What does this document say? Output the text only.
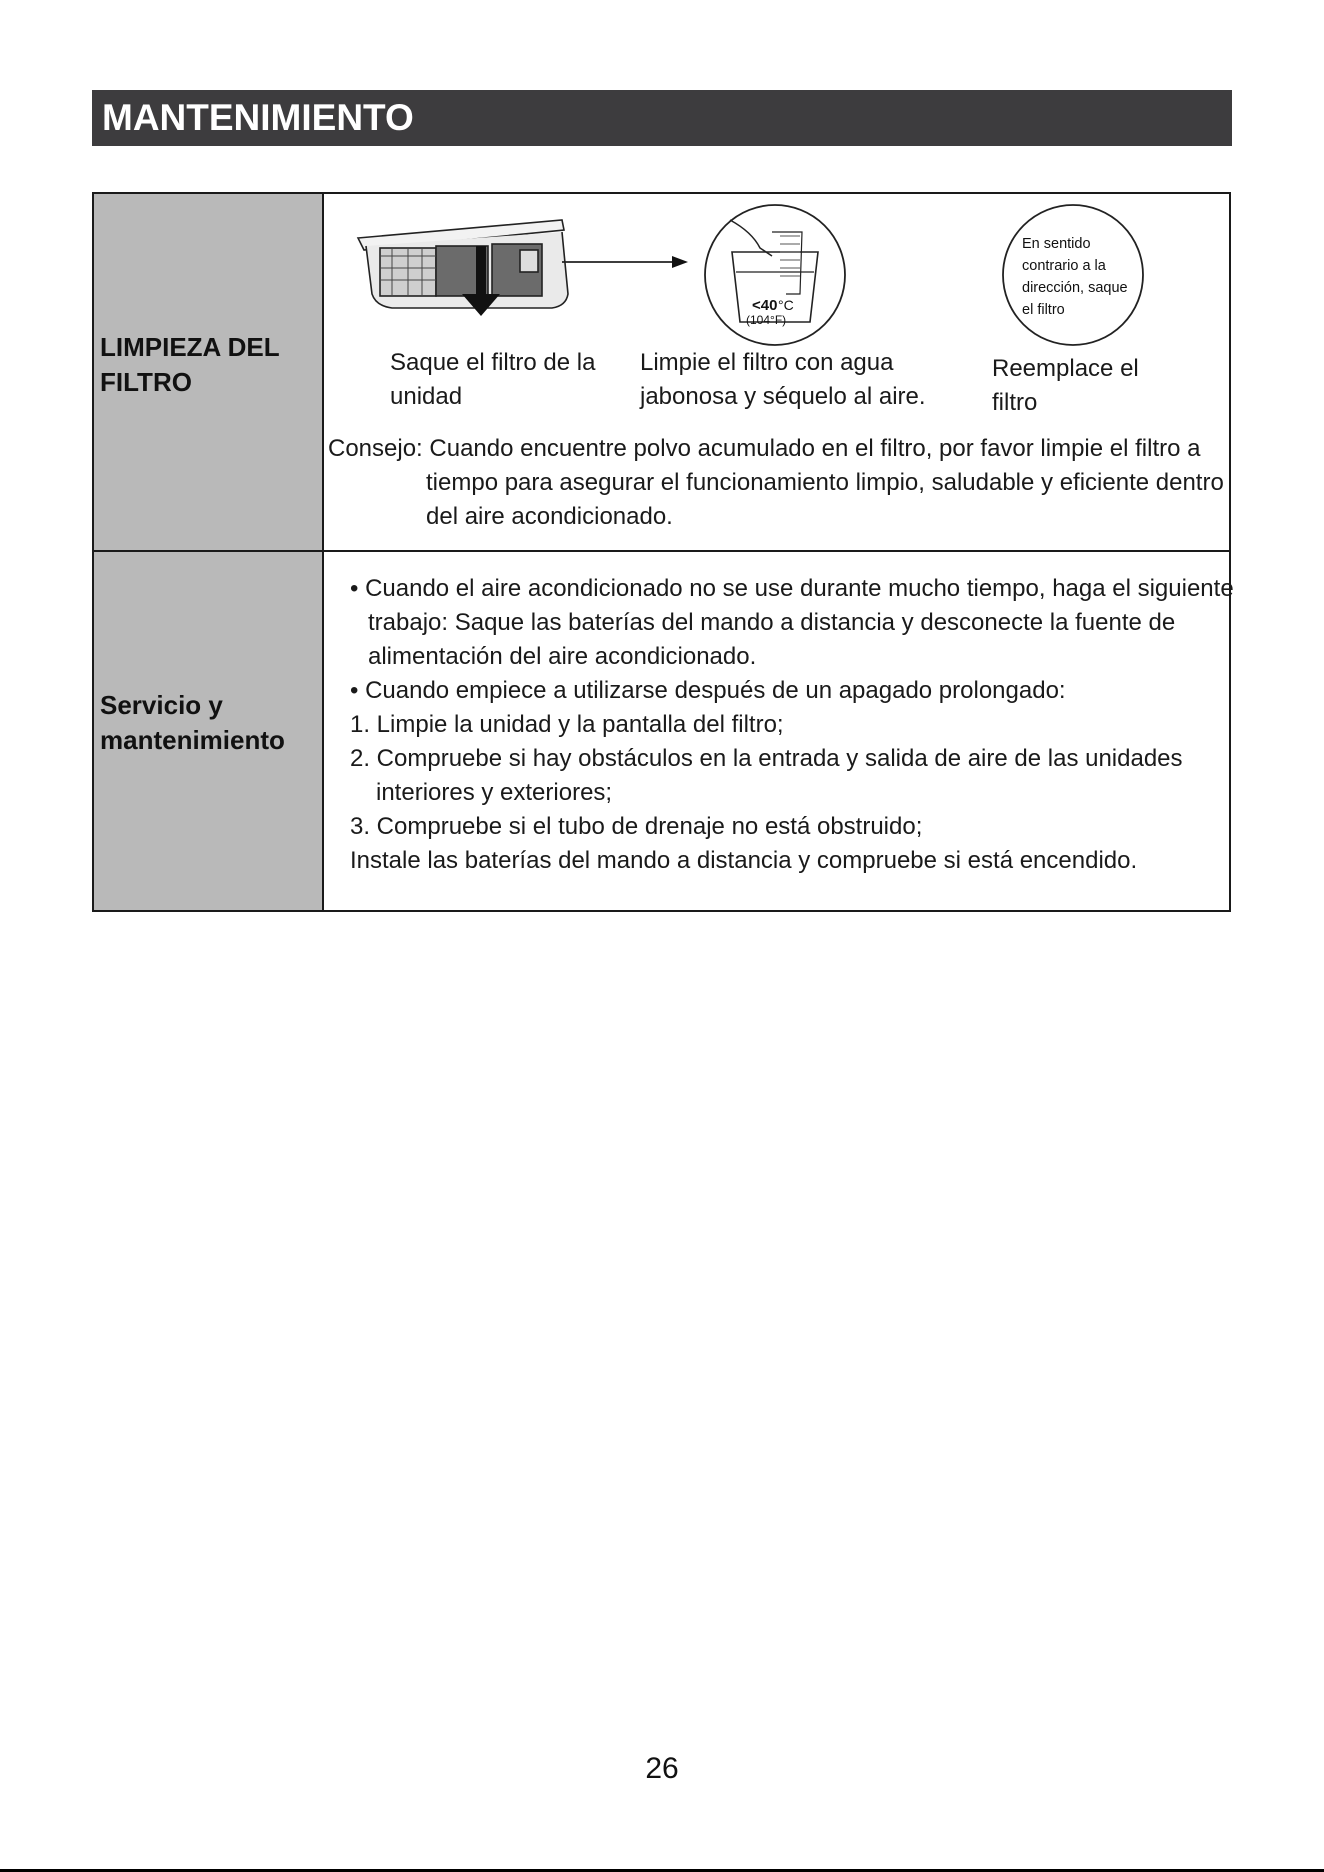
MANTENIMIENTO
LIMPIEZA DEL
FILTRO
<40 °C
(104°F)
En sentido
contrario a la
dirección, saque
el filtro
Saque el filtro de la
unidad
Limpie el filtro con agua
jabonosa y séquelo al aire.
Reemplace el
filtro
Consejo: Cuando encuentre polvo acumulado en el filtro, por favor limpie el filtro a
tiempo para asegurar el funcionamiento limpio, saludable y eficiente dentro
del aire acondicionado.
Servicio y
mantenimiento
• Cuando el aire acondicionado no se use durante mucho tiempo, haga el siguiente
trabajo: Saque las baterías del mando a distancia y desconecte la fuente de
alimentación del aire acondicionado.
• Cuando empiece a utilizarse después de un apagado prolongado:
1. Limpie la unidad y la pantalla del filtro;
2. Compruebe si hay obstáculos en la entrada y salida de aire de las unidades
interiores y exteriores;
3. Compruebe si el tubo de drenaje no está obstruido;
Instale las baterías del mando a distancia y compruebe si está encendido.
26
